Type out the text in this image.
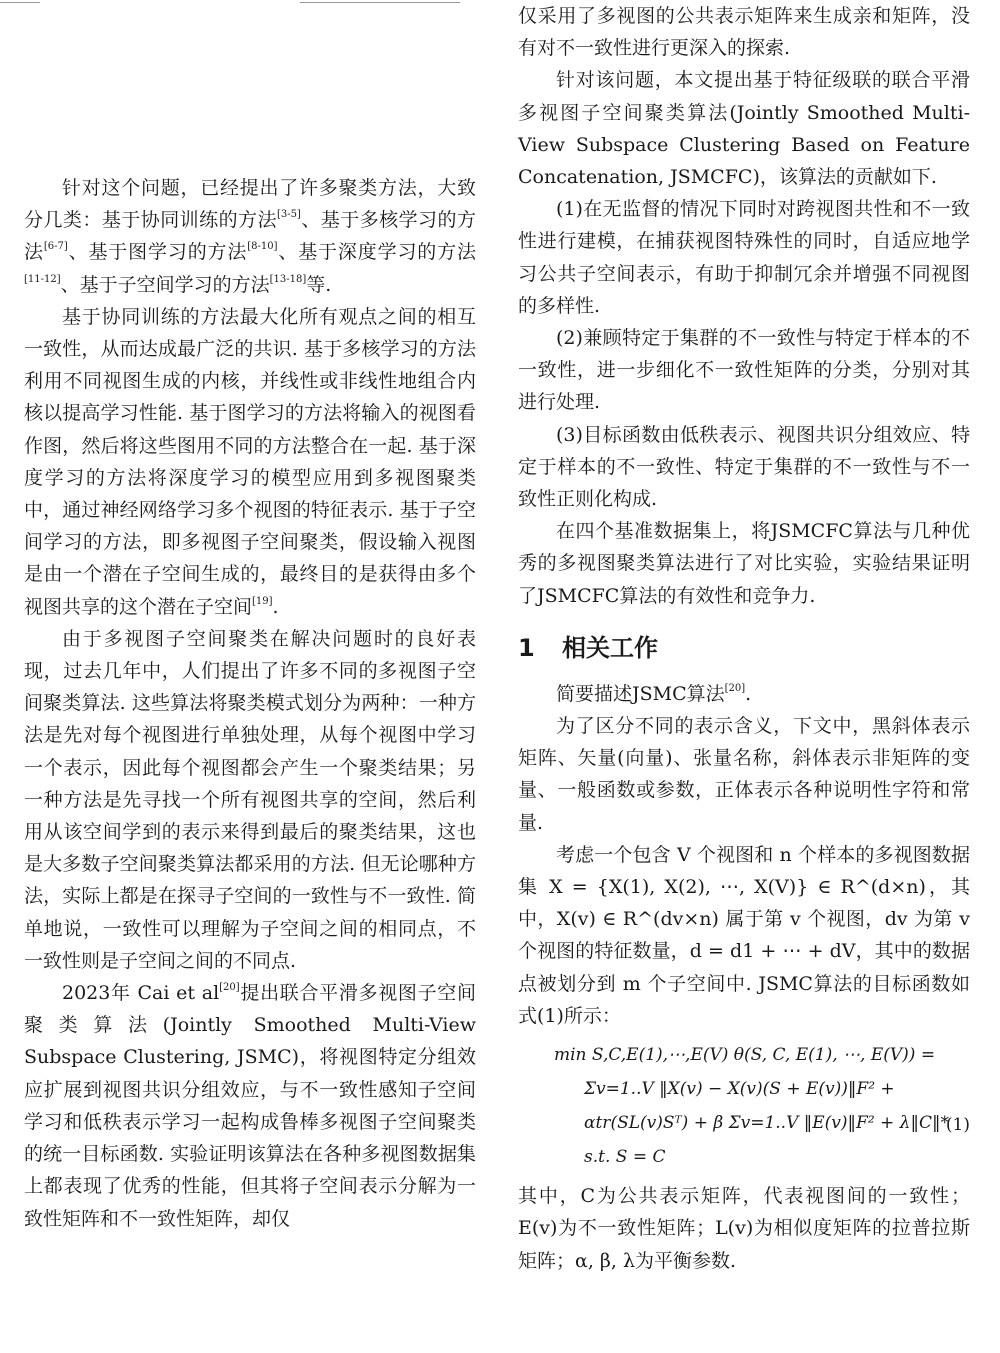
针对这个问题，已经提出了许多聚类方法，大致分几类：基于协同训练的方法[3-5]、基于多核学习的方法[6-7]、基于图学习的方法[8-10]、基于深度学习的方法[11-12]、基于子空间学习的方法[13-18]等.

基于协同训练的方法最大化所有观点之间的相互一致性，从而达成最广泛的共识. 基于多核学习的方法利用不同视图生成的内核，并线性或非线性地组合内核以提高学习性能. 基于图学习的方法将输入的视图看作图，然后将这些图用不同的方法整合在一起. 基于深度学习的方法将深度学习的模型应用到多视图聚类中，通过神经网络学习多个视图的特征表示. 基于子空间学习的方法，即多视图子空间聚类，假设输入视图是由一个潜在子空间生成的，最终目的是获得由多个视图共享的这个潜在子空间[19].

由于多视图子空间聚类在解决问题时的良好表现，过去几年中，人们提出了许多不同的多视图子空间聚类算法. 这些算法将聚类模式划分为两种：一种方法是先对每个视图进行单独处理，从每个视图中学习一个表示，因此每个视图都会产生一个聚类结果；另一种方法是先寻找一个所有视图共享的空间，然后利用从该空间学到的表示来得到最后的聚类结果，这也是大多数子空间聚类算法都采用的方法. 但无论哪种方法，实际上都是在探寻子空间的一致性与不一致性. 简单地说，一致性可以理解为子空间之间的相同点，不一致性则是子空间之间的不同点.

2023年 Cai et al[20]提出联合平滑多视图子空间聚类算法(Jointly Smoothed Multi-View Subspace Clustering, JSMC)，将视图特定分组效应扩展到视图共识分组效应，与不一致性感知子空间学习和低秩表示学习一起构成鲁棒多视图子空间聚类的统一目标函数. 实验证明该算法在各种多视图数据集上都表现了优秀的性能，但其将子空间表示分解为一致性矩阵和不一致性矩阵，却仅

仅采用了多视图的公共表示矩阵来生成亲和矩阵，没有对不一致性进行更深入的探索.

针对该问题，本文提出基于特征级联的联合平滑多视图子空间聚类算法(Jointly Smoothed Multi-View Subspace Clustering Based on Feature Concatenation, JSMCFC)，该算法的贡献如下.

(1)在无监督的情况下同时对跨视图共性和不一致性进行建模，在捕获视图特殊性的同时，自适应地学习公共子空间表示，有助于抑制冗余并增强不同视图的多样性.

(2)兼顾特定于集群的不一致性与特定于样本的不一致性，进一步细化不一致性矩阵的分类，分别对其进行处理.

(3)目标函数由低秩表示、视图共识分组效应、特定于样本的不一致性、特定于集群的不一致性与不一致性正则化构成.

在四个基准数据集上，将JSMCFC算法与几种优秀的多视图聚类算法进行了对比实验，实验结果证明了JSMCFC算法的有效性和竞争力.

1 相关工作

简要描述JSMC算法[20].

为了区分不同的表示含义，下文中，黑斜体表示矩阵、矢量(向量)、张量名称，斜体表示非矩阵的变量、一般函数或参数，正体表示各种说明性字符和常量.

考虑一个包含 V 个视图和 n 个样本的多视图数据集 X = {X(1), X(2), ⋯, X(V)} ∈ R^(d×n)，其中，X(v) ∈ R^(dv×n) 属于第 v 个视图，dv 为第 v 个视图的特征数量，d = d1 + ⋯ + dV，其中的数据点被划分到 m 个子空间中. JSMC算法的目标函数如式(1)所示：

min S,C,E(1),⋯,E(V) θ(S, C, E(1), ⋯, E(V)) =
Σv=1..V ‖X(v) − X(v)(S + E(v))‖F² +
αtr(SL(v)Sᵀ) + β Σv=1..V ‖E(v)‖F² + λ‖C‖*
s.t. S = C
(1)

其中，C为公共表示矩阵，代表视图间的一致性；E(v)为不一致性矩阵；L(v)为相似度矩阵的拉普拉斯矩阵；α, β, λ为平衡参数.
